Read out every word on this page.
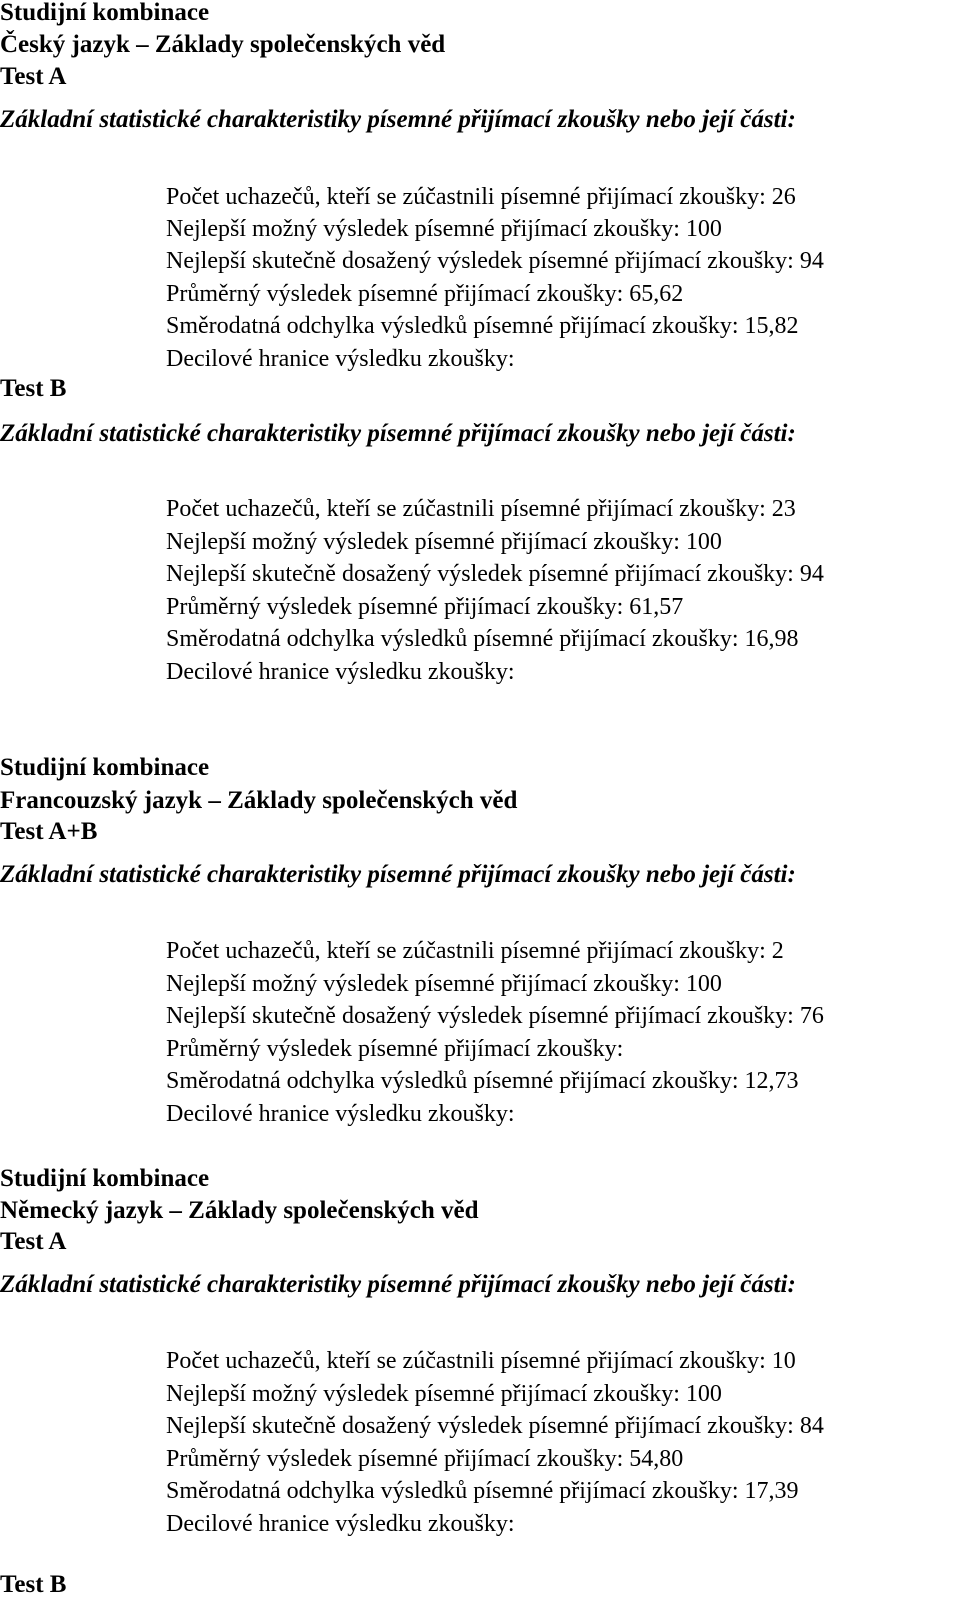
Studijní kombinace

Český jazyk – Základy společenských věd

Test A

Základní statistické charakteristiky písemné přijímací zkoušky nebo její části:

Počet uchazečů, kteří se zúčastnili písemné přijímací zkoušky: 26

Nejlepší možný výsledek písemné přijímací zkoušky: 100

Nejlepší skutečně dosažený výsledek písemné přijímací zkoušky: 94

Průměrný výsledek písemné přijímací zkoušky: 65,62

Směrodatná odchylka výsledků písemné přijímací zkoušky: 15,82

Decilové hranice výsledku zkoušky:

Test B

Základní statistické charakteristiky písemné přijímací zkoušky nebo její části:

Počet uchazečů, kteří se zúčastnili písemné přijímací zkoušky: 23

Nejlepší možný výsledek písemné přijímací zkoušky: 100

Nejlepší skutečně dosažený výsledek písemné přijímací zkoušky: 94

Průměrný výsledek písemné přijímací zkoušky: 61,57

Směrodatná odchylka výsledků písemné přijímací zkoušky: 16,98

Decilové hranice výsledku zkoušky:

Studijní kombinace

Francouzský jazyk – Základy společenských věd

Test A+B

Základní statistické charakteristiky písemné přijímací zkoušky nebo její části:

Počet uchazečů, kteří se zúčastnili písemné přijímací zkoušky: 2

Nejlepší možný výsledek písemné přijímací zkoušky: 100

Nejlepší skutečně dosažený výsledek písemné přijímací zkoušky: 76

Průměrný výsledek písemné přijímací zkoušky:

Směrodatná odchylka výsledků písemné přijímací zkoušky: 12,73

Decilové hranice výsledku zkoušky:

Studijní kombinace

Německý jazyk – Základy společenských věd

Test A

Základní statistické charakteristiky písemné přijímací zkoušky nebo její části:

Počet uchazečů, kteří se zúčastnili písemné přijímací zkoušky: 10

Nejlepší možný výsledek písemné přijímací zkoušky: 100

Nejlepší skutečně dosažený výsledek písemné přijímací zkoušky: 84

Průměrný výsledek písemné přijímací zkoušky: 54,80

Směrodatná odchylka výsledků písemné přijímací zkoušky: 17,39

Decilové hranice výsledku zkoušky:

Test B
